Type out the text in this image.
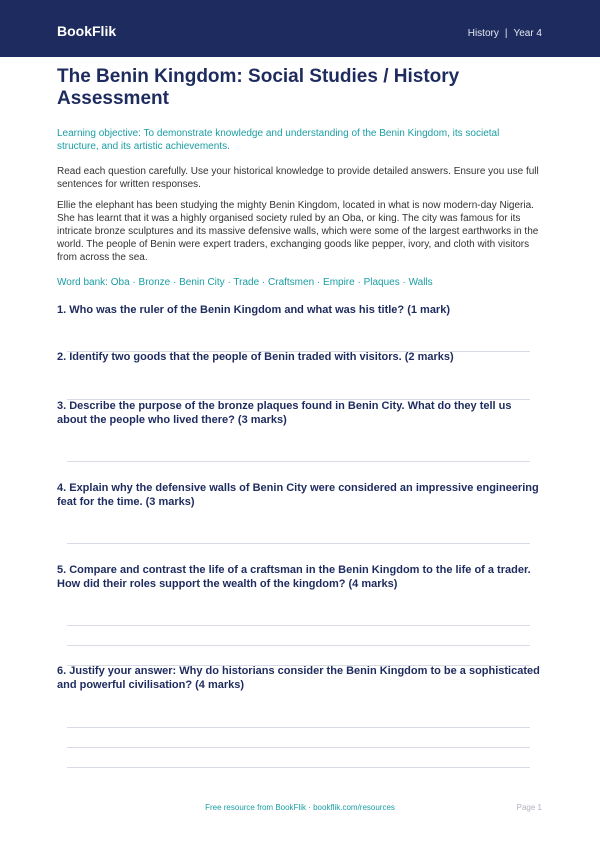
BookFlik	History | Year 4
The Benin Kingdom: Social Studies / History Assessment
Learning objective: To demonstrate knowledge and understanding of the Benin Kingdom, its societal structure, and its artistic achievements.
Read each question carefully. Use your historical knowledge to provide detailed answers. Ensure you use full sentences for written responses.
Ellie the elephant has been studying the mighty Benin Kingdom, located in what is now modern-day Nigeria. She has learnt that it was a highly organised society ruled by an Oba, or king. The city was famous for its intricate bronze sculptures and its massive defensive walls, which were some of the largest earthworks in the world. The people of Benin were expert traders, exchanging goods like pepper, ivory, and cloth with visitors from across the sea.
Word bank: Oba · Bronze · Benin City · Trade · Craftsmen · Empire · Plaques · Walls
1. Who was the ruler of the Benin Kingdom and what was his title? (1 mark)
2. Identify two goods that the people of Benin traded with visitors. (2 marks)
3. Describe the purpose of the bronze plaques found in Benin City. What do they tell us about the people who lived there? (3 marks)
4. Explain why the defensive walls of Benin City were considered an impressive engineering feat for the time. (3 marks)
5. Compare and contrast the life of a craftsman in the Benin Kingdom to the life of a trader. How did their roles support the wealth of the kingdom? (4 marks)
6. Justify your answer: Why do historians consider the Benin Kingdom to be a sophisticated and powerful civilisation? (4 marks)
Free resource from BookFlik · bookflik.com/resources	Page 1
